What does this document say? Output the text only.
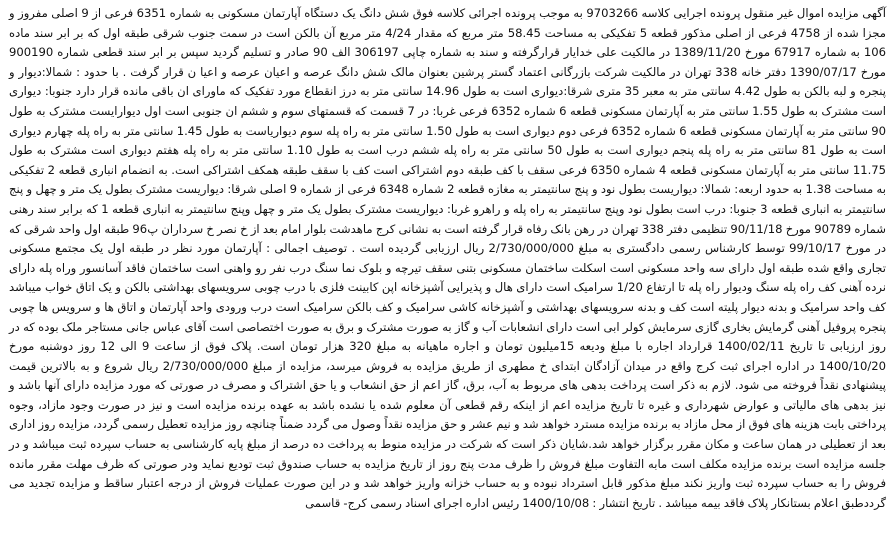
آگهی مزایده اموال غیر منقول پرونده اجرایی کلاسه 9703266 به موجب پرونده اجرائی کلاسه فوق شش دانگ یک دستگاه آپارتمان مسکونی به شماره 6351 فرعی از 9 اصلی مفروز و مجزا شده از 4758 فرعی از اصلی مذکور قطعه 5 تفکیکی به مساحت 58.45 متر مربع که مقدار 4/24 متر مربع آن بالکن است در سمت جنوب شرقی طبقه اول که بر ابر سند ماده 106 به شماره 67917 مورخ 1389/11/20 در مالکیت علی خدایار قرارگرفته و سند به شماره چاپی 306197 الف 90 صادر و تسلیم گردید سپس بر ابر سند قطعی شماره 900190 مورخ 1390/07/17 دفتر خانه 338 تهران در مالکیت شرکت بازرگانی اعتماد گستر پرشین بعنوان مالک شش دانگ عرصه و اعیان عرصه و اعیا ن قرار گرفت . با حدود : شمالا:دیوار و پنجره و لبه بالکن به طول 4.42 سانتی متر به معبر 35 متری شرقا:دیواری است به طول 14.96 سانتی متر به درز انقطاع مورد تفکیک که ماورای ان باقی مانده قرار دارد جنوبا: دیواری است مشترک به طول 1.55 سانتی متر به آپارتمان مسکونی قطعه 6 شماره 6352 فرعی غربا: در 7 قسمت که قسمتهای سوم و ششم ان جنوبی است اول دیوارایست مشترک به طول 90 سانتی متر به آپارتمان مسکونی قطعه 6 شماره 6352 فرعی دوم دیواری است به طول 1.50 سانتی متر به راه پله سوم دیواریاست به طول 1.45 سانتی متر به راه پله چهارم دیواری است به طول 81 سانتی متر به راه پله پنجم دیواری است به طول 50 سانتی متر به راه پله ششم درب است به طول 1.10 سانتی متر به راه پله هفتم دیواری است مشترک به طول 11.75 سانتی متر به آپارتمان مسکونی قطعه 4 شماره 6350 فرعی سقف با کف طبقه دوم اشتراکی است کف با سقف طبقه همکف اشتراکی است. به انضمام انباری قطعه 2 تفکیکی به مساحت 1.38 به حدود اربعه: شمالا: دیواریست بطول نود و پنج سانتیمتر به مغازه قطعه 2 شماره 6348 فرعی از شماره 9 اصلی شرقا: دیواریست مشترک بطول یک متر و چهل و پنج سانتیمتر به انباری قطعه 3 جنوبا: درب است بطول نود وپنج سانتیمتر به راه پله و راهرو غربا: دیواریست مشترک بطول یک متر و چهل وپنج سانتیمتر به انباری قطعه 1 که برابر سند رهنی شماره 90789 مورخ 90/11/18 تنظیمی دفتر 338 تهران در رهن بانک رفاه قرار گرفته است به نشانی کرج ماهدشت بلوار امام بعد از خ نصر خ سرداران پ96 طبقه اول واحد شرقی که در مورخ 99/10/17 توسط کارشناس رسمی دادگستری به مبلغ 2/730/000/000 ریال ارزیابی گردیده است . توصیف اجمالی : آپارتمان مورد نظر در طبقه اول یک مجتمع مسکونی تجاری واقع شده طبقه اول دارای سه واحد مسکونی است اسکلت ساختمان مسکونی بتنی سقف تیرچه و بلوک نما سنگ درب نفر رو واهنی است ساختمان فاقد آسانسور وراه پله دارای نرده آهنی کف راه پله سنگ ودیوار راه پله تا ارتفاع 1/20 سرامیک است دارای هال و پذیرایی آشپزخانه اپن کابینت فلزی با درب چوبی سرویسهای بهداشتی بالکن و یک اتاق خواب میباشد کف واحد سرامیک و بدنه دیوار پلیته است کف و بدنه سرویسهای بهداشتی و آشپزخانه کاشی سرامیک و کف بالکن سرامیک است درب ورودی واحد آپارتمان و اتاق ها و سرویس ها چوبی پنجره پروفیل آهنی گرمایش بخاری گازی سرمایش کولر ابی است دارای انشعابات آب و گاز به صورت مشترک و برق به صورت اختصاصی است آقای عباس جانی مستاجر ملک بوده که در روز ارزیابی تا تاریخ 1400/02/11 قرارداد اجاره با مبلغ ودیعه 15میلیون تومان و اجاره ماهیانه به مبلغ 320 هزار تومان است. پلاک فوق از ساعت 9 الی 12 روز دوشنبه مورخ 1400/10/20 در اداره اجرای ثبت کرج واقع در میدان آزادگان ابتدای خ مطهری از طریق مزایده به فروش میرسد، مزایده از مبلغ 2/730/000/000 ریال شروع و به بالاترین قیمت پیشنهادی نقداً فروخته می شود. لازم به ذکر است پرداخت بدهی های مربوط به آب، برق، گاز اعم از حق انشعاب و یا حق اشتراک و مصرف در صورتی که مورد مزایده دارای آنها باشد و نیز بدهی های مالیاتی و عوارض شهرداری و غیره تا تاریخ مزایده اعم از اینکه رقم قطعی آن معلوم شده یا نشده باشد به عهده برنده مزایده است و نیز در صورت وجود مازاد، وجوه پرداختی بابت هزینه های فوق از محل مازاد به برنده مزایده مسترد خواهد شد و نیم عشر و حق مزایده نقداً وصول می گردد ضمناً چنانچه روز مزایده تعطیل رسمی گردد، مزایده روز اداری بعد از تعطیلی در همان ساعت و مکان مقرر برگزار خواهد شد.شایان ذکر است که شرکت در مزایده منوط به پرداخت ده درصد از مبلغ پایه کارشناسی به حساب سپرده ثبت میباشد و در جلسه مزایده است برنده مزایده مکلف است مابه التفاوت مبلغ فروش را ظرف مدت پنج روز از تاریخ مزایده به حساب صندوق ثبت تودیع نماید ودر صورتی که ظرف مهلت مقرر مانده فروش را به حساب سپرده ثبت واریز نکند مبلغ مذکور قابل استرداد نبوده و به حساب خزانه واریز خواهد شد و در این صورت عملیات فروش از درجه اعتبار ساقط و مزایده تجدید می گرددطبق اعلام بستانکار پلاک فاقد بیمه میباشد . تاریخ انتشار : 1400/10/08 رئیس اداره اجرای اسناد رسمی کرج- قاسمی
